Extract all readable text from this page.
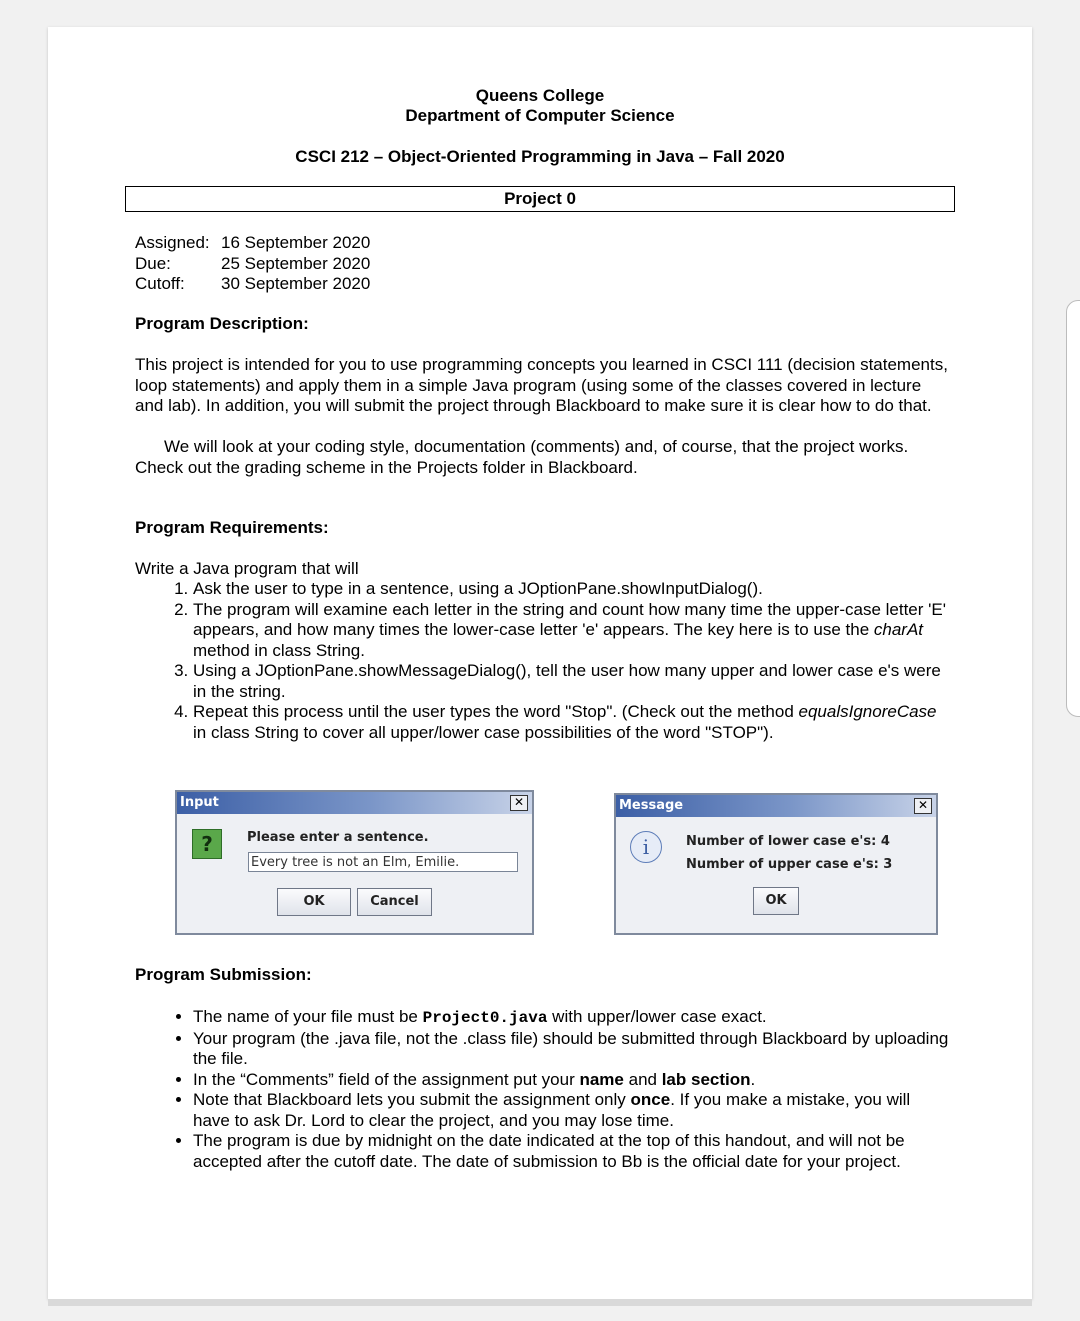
Queens College
Department of Computer Science
CSCI 212 – Object-Oriented Programming in Java – Fall 2020
Project 0
Assigned:	16 September 2020
Due:	25 September 2020
Cutoff:	30 September 2020
Program Description:
This project is intended for you to use programming concepts you learned in CSCI 111 (decision statements, loop statements) and apply them in a simple Java program (using some of the classes covered in lecture and lab). In addition, you will submit the project through Blackboard to make sure it is clear how to do that.
We will look at your coding style, documentation (comments) and, of course, that the project works. Check out the grading scheme in the Projects folder in Blackboard.
Program Requirements:
Write a Java program that will
1. Ask the user to type in a sentence, using a JOptionPane.showInputDialog().
2. The program will examine each letter in the string and count how many time the upper-case letter 'E' appears, and how many times the lower-case letter 'e' appears. The key here is to use the charAt method in class String.
3. Using a JOptionPane.showMessageDialog(), tell the user how many upper and lower case e's were in the string.
4. Repeat this process until the user types the word "Stop". (Check out the method equalsIgnoreCase in class String to cover all upper/lower case possibilities of the word "STOP").
Input	✕
?	Please enter a sentence.
Every tree is not an Elm, Emilie.
OK	Cancel
Message	✕
i	Number of lower case e's: 4
Number of upper case e's: 3
OK
Program Submission:
• The name of your file must be Project0.java with upper/lower case exact.
• Your program (the .java file, not the .class file) should be submitted through Blackboard by uploading the file.
• In the “Comments” field of the assignment put your name and lab section.
• Note that Blackboard lets you submit the assignment only once. If you make a mistake, you will have to ask Dr. Lord to clear the project, and you may lose time.
• The program is due by midnight on the date indicated at the top of this handout, and will not be accepted after the cutoff date. The date of submission to Bb is the official date for your project.
